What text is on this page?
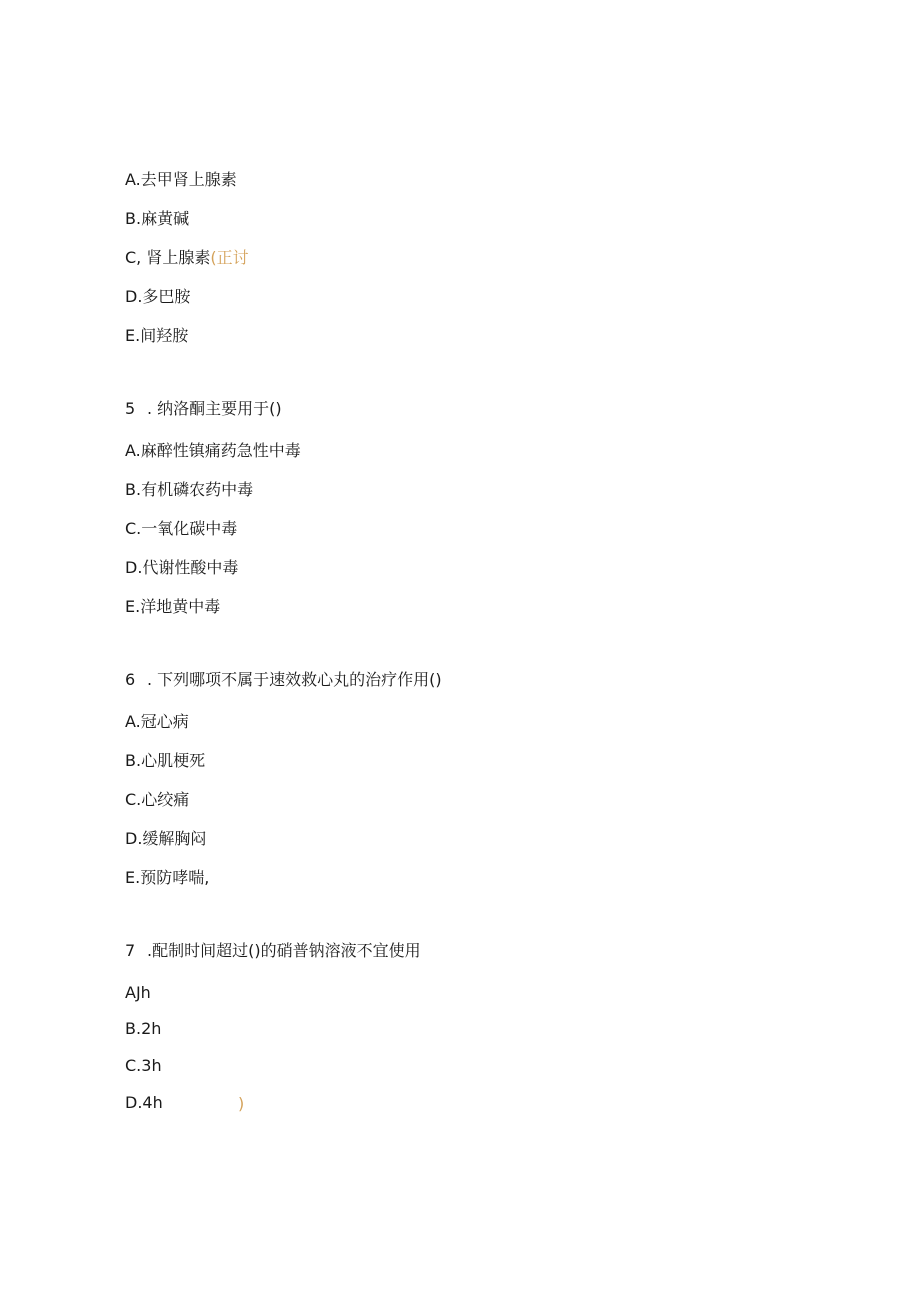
A.去甲肾上腺素
B.麻黄碱
C, 肾上腺素(正讨
D.多巴胺
E.间羟胺
5 . 纳洛酮主要用于()
A.麻醉性镇痛药急性中毒
B.有机磷农药中毒
C.一氧化碳中毒
D.代谢性酸中毒
E.洋地黄中毒
6 . 下列哪项不属于速效救心丸的治疗作用()
A.冠心病
B.心肌梗死
C.心绞痛
D.缓解胸闷
E.预防哮喘,
7 .配制时间超过()的硝普钠溶液不宜使用
AJh
B.2h
C.3h
D.4h	)
